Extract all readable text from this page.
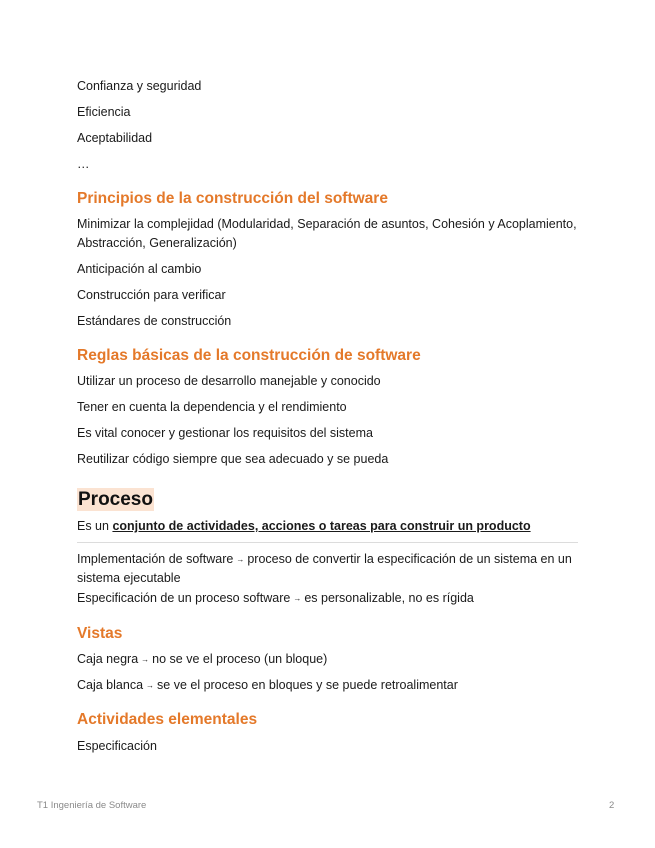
Confianza y seguridad

Eficiencia

Aceptabilidad

…

Principios de la construcción del software

Minimizar la complejidad (Modularidad, Separación de asuntos, Cohesión y Acoplamiento, Abstracción, Generalización)

Anticipación al cambio

Construcción para verificar

Estándares de construcción

Reglas básicas de la construcción de software

Utilizar un proceso de desarrollo manejable y conocido

Tener en cuenta la dependencia y el rendimiento

Es vital conocer y gestionar los requisitos del sistema

Reutilizar código siempre que sea adecuado y se pueda

Proceso

Es un conjunto de actividades, acciones o tareas para construir un producto

Implementación de software → proceso de convertir la especificación de un sistema en un sistema ejecutable

Especificación de un proceso software → es personalizable, no es rígida

Vistas

Caja negra → no se ve el proceso (un bloque)

Caja blanca → se ve el proceso en bloques y se puede retroalimentar

Actividades elementales

Especificación

T1 Ingeniería de Software	2
